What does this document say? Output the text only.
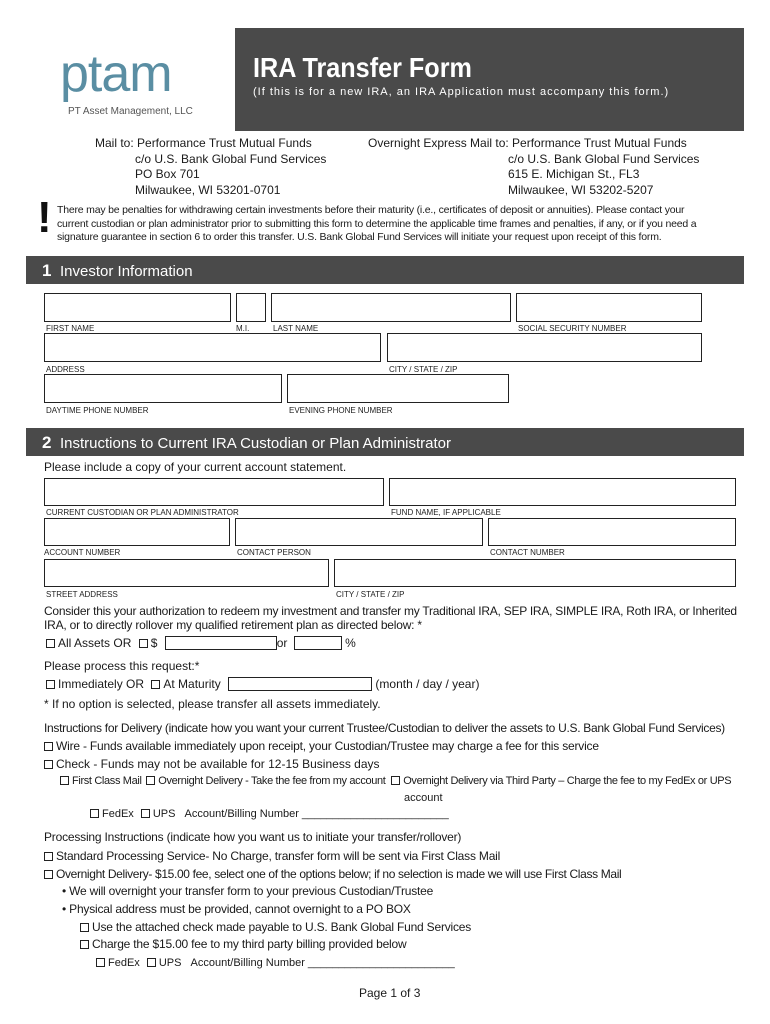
ptam
PT Asset Management, LLC
IRA Transfer Form
(If this is for a new IRA, an IRA Application must accompany this form.)
Mail to: Performance Trust Mutual Funds
c/o U.S. Bank Global Fund Services
PO Box 701
Milwaukee, WI 53201-0701
Overnight Express Mail to: Performance Trust Mutual Funds
c/o U.S. Bank Global Fund Services
615 E. Michigan St., FL3
Milwaukee, WI 53202-5207
! There may be penalties for withdrawing certain investments before their maturity (i.e., certificates of deposit or annuities). Please contact your
current custodian or plan administrator prior to submitting this form to determine the applicable time frames and penalties, if any, or if you need a
signature guarantee in section 6 to order this transfer. U.S. Bank Global Fund Services will initiate your request upon receipt of this form.
1 Investor Information
FIRST NAME	M.I.	LAST NAME	SOCIAL SECURITY NUMBER
ADDRESS	CITY / STATE / ZIP
DAYTIME PHONE NUMBER	EVENING PHONE NUMBER
2 Instructions to Current IRA Custodian or Plan Administrator
Please include a copy of your current account statement.
CURRENT CUSTODIAN OR PLAN ADMINISTRATOR	FUND NAME, IF APPLICABLE
ACCOUNT NUMBER	CONTACT PERSON	CONTACT NUMBER
STREET ADDRESS	CITY / STATE / ZIP
Consider this your authorization to redeem my investment and transfer my Traditional IRA, SEP IRA, SIMPLE IRA, Roth IRA, or Inherited
IRA, or to directly rollover my qualified retirement plan as directed below: *
All Assets OR $	or	%
Please process this request:*
Immediately OR At Maturity	(month / day / year)
* If no option is selected, please transfer all assets immediately.
Instructions for Delivery (indicate how you want your current Trustee/Custodian to deliver the assets to U.S. Bank Global Fund Services)
Wire - Funds available immediately upon receipt, your Custodian/Trustee may charge a fee for this service
Check - Funds may not be available for 12-15 Business days
First Class Mail Overnight Delivery - Take the fee from my account Overnight Delivery via Third Party – Charge the fee to my FedEx or UPS
account
FedEx UPS Account/Billing Number ________________________
Processing Instructions (indicate how you want us to initiate your transfer/rollover)
Standard Processing Service- No Charge, transfer form will be sent via First Class Mail
Overnight Delivery- $15.00 fee, select one of the options below; if no selection is made we will use First Class Mail
• We will overnight your transfer form to your previous Custodian/Trustee
• Physical address must be provided, cannot overnight to a PO BOX
Use the attached check made payable to U.S. Bank Global Fund Services
Charge the $15.00 fee to my third party billing provided below
FedEx UPS Account/Billing Number ________________________
Page 1 of 3
